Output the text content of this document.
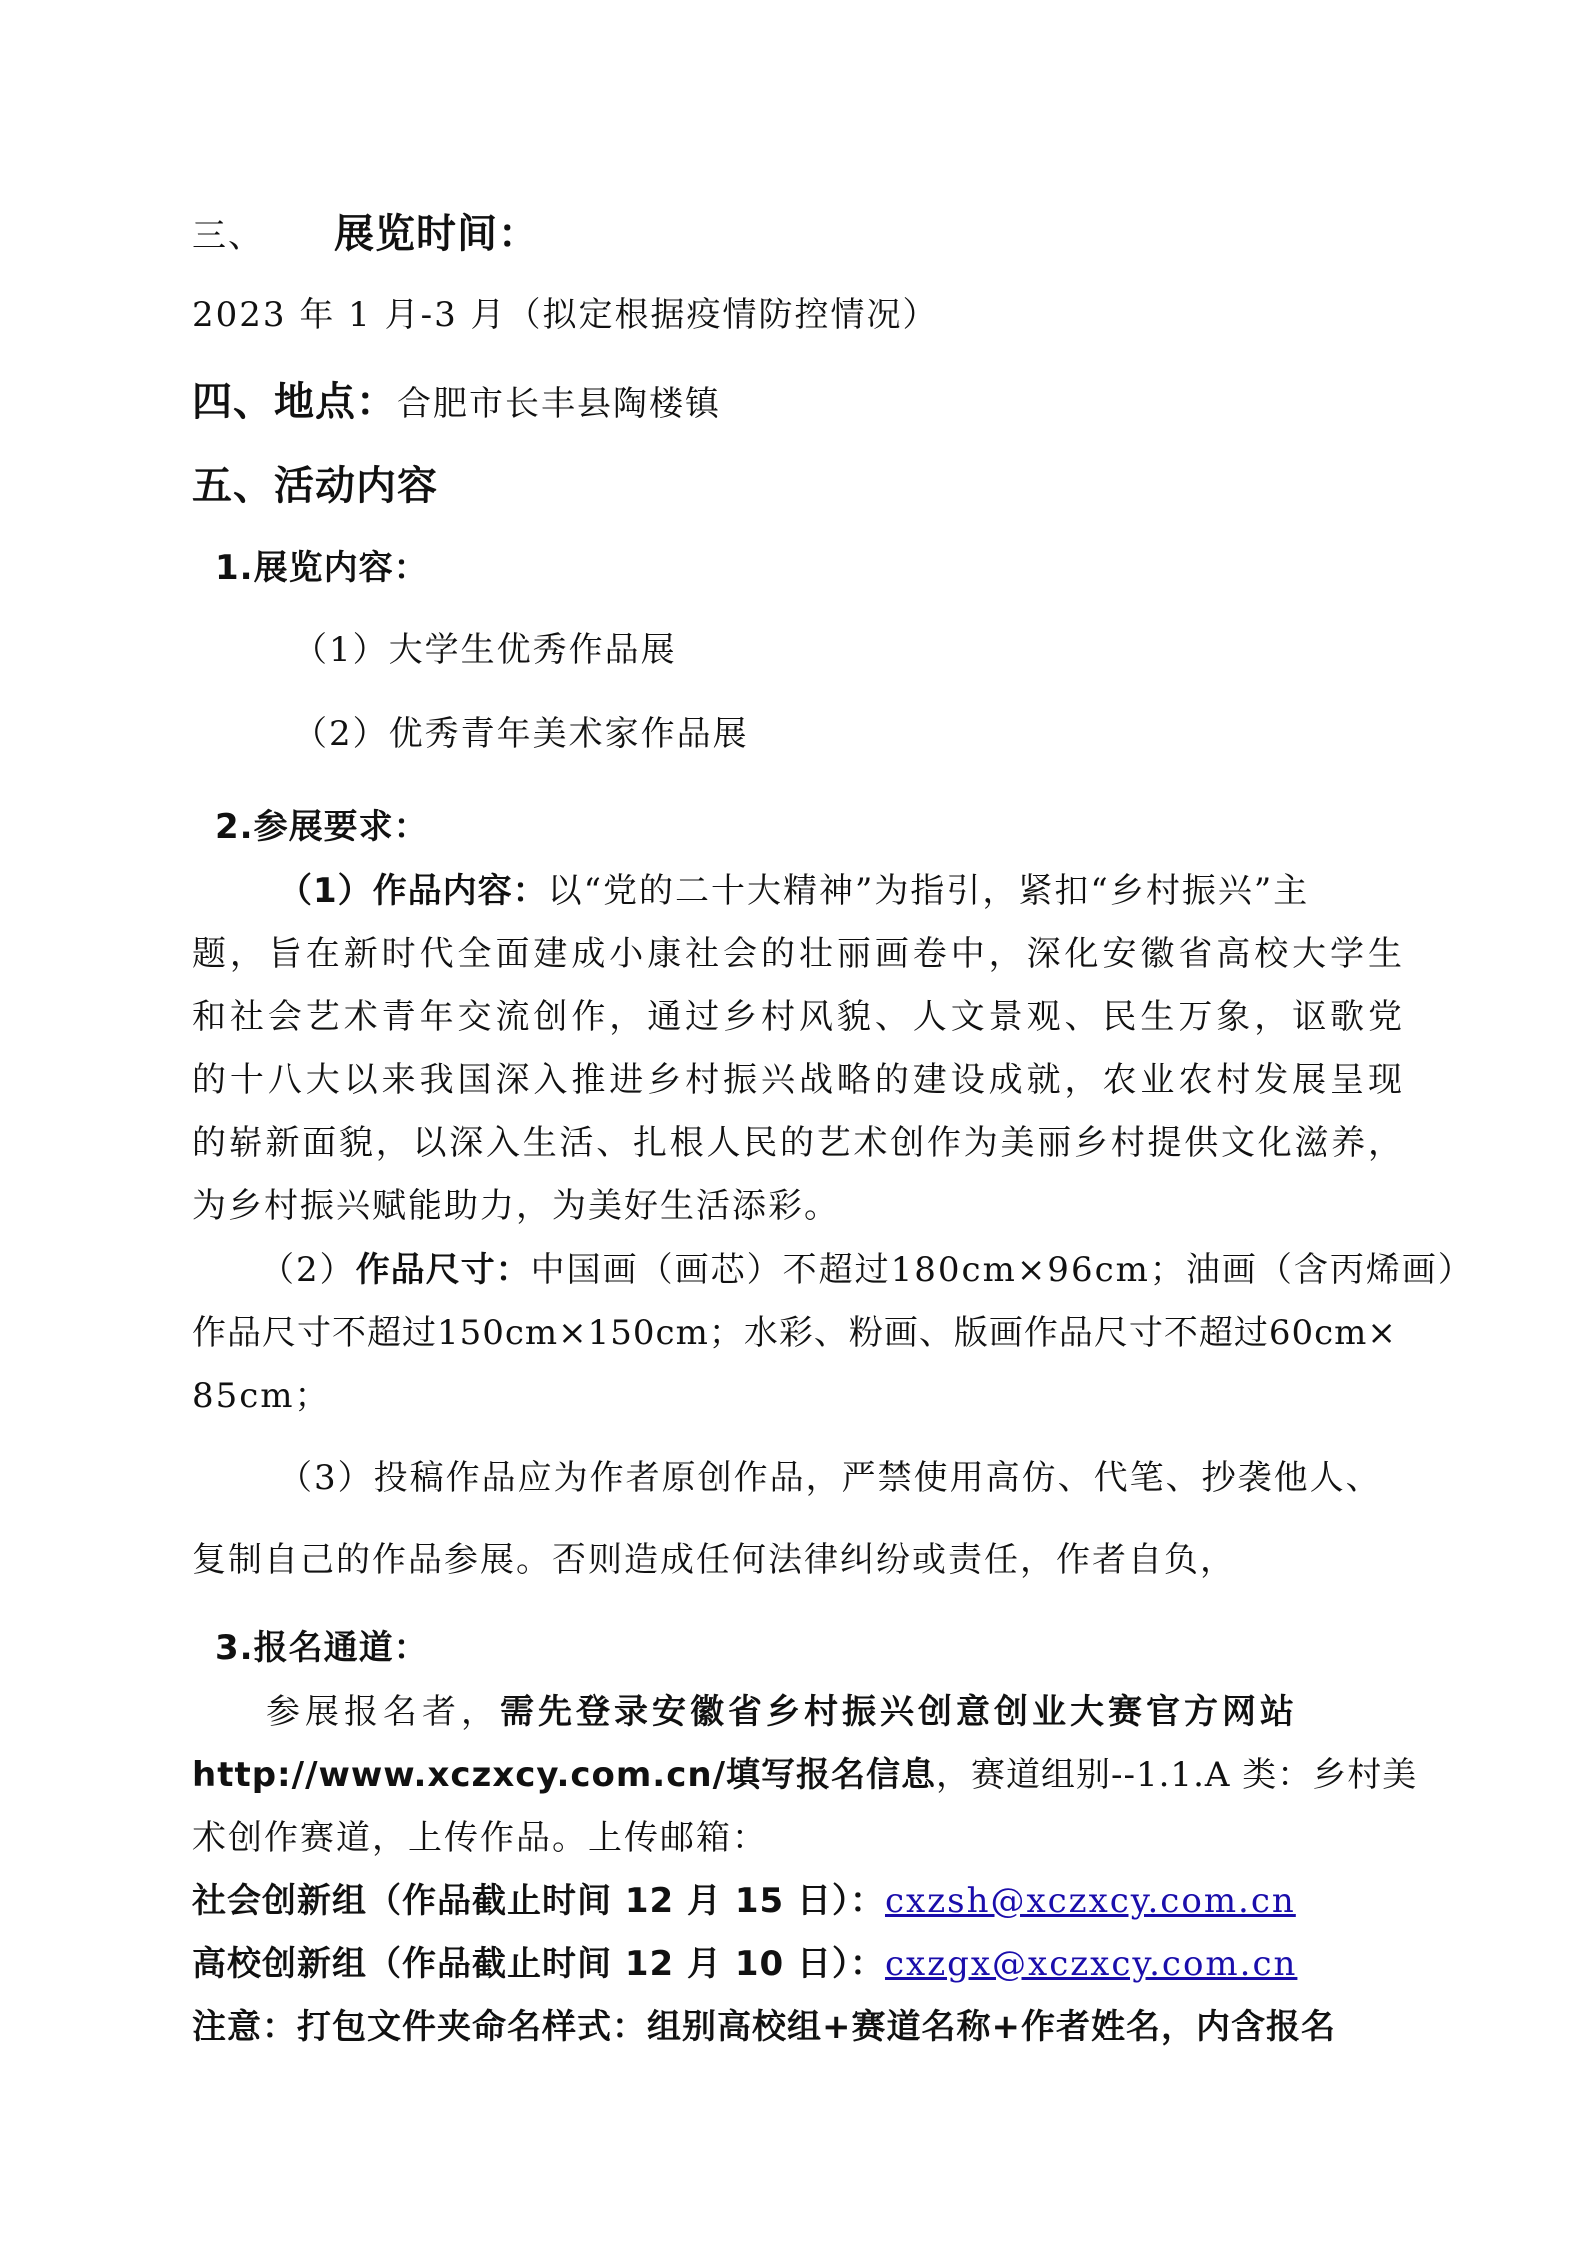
三、 展览时间：
2023 年 1 月-3 月（拟定根据疫情防控情况）
四、地点：合肥市长丰县陶楼镇
五、活动内容
1.展览内容：
（1）大学生优秀作品展
（2）优秀青年美术家作品展
2.参展要求：
（1）作品内容：以“党的二十大精神”为指引，紧扣“乡村振兴”主
题，旨在新时代全面建成小康社会的壮丽画卷中，深化安徽省高校大学生
和社会艺术青年交流创作，通过乡村风貌、人文景观、民生万象，讴歌党
的十八大以来我国深入推进乡村振兴战略的建设成就，农业农村发展呈现
的崭新面貌，以深入生活、扎根人民的艺术创作为美丽乡村提供文化滋养，
为乡村振兴赋能助力，为美好生活添彩。
（2）作品尺寸：中国画（画芯）不超过180cm×96cm；油画（含丙烯画）
作品尺寸不超过150cm×150cm；水彩、粉画、版画作品尺寸不超过60cm×
85cm；
（3）投稿作品应为作者原创作品，严禁使用高仿、代笔、抄袭他人、
复制自己的作品参展。否则造成任何法律纠纷或责任，作者自负，
3.报名通道：
参展报名者，需先登录安徽省乡村振兴创意创业大赛官方网站
http://www.xczxcy.com.cn/填写报名信息，赛道组别--1.1.A 类：乡村美
术创作赛道，上传作品。上传邮箱：
社会创新组（作品截止时间 12 月 15 日）：cxzsh@xczxcy.com.cn
高校创新组（作品截止时间 12 月 10 日）：cxzgx@xczxcy.com.cn
注意：打包文件夹命名样式：组别高校组+赛道名称+作者姓名，内含报名
